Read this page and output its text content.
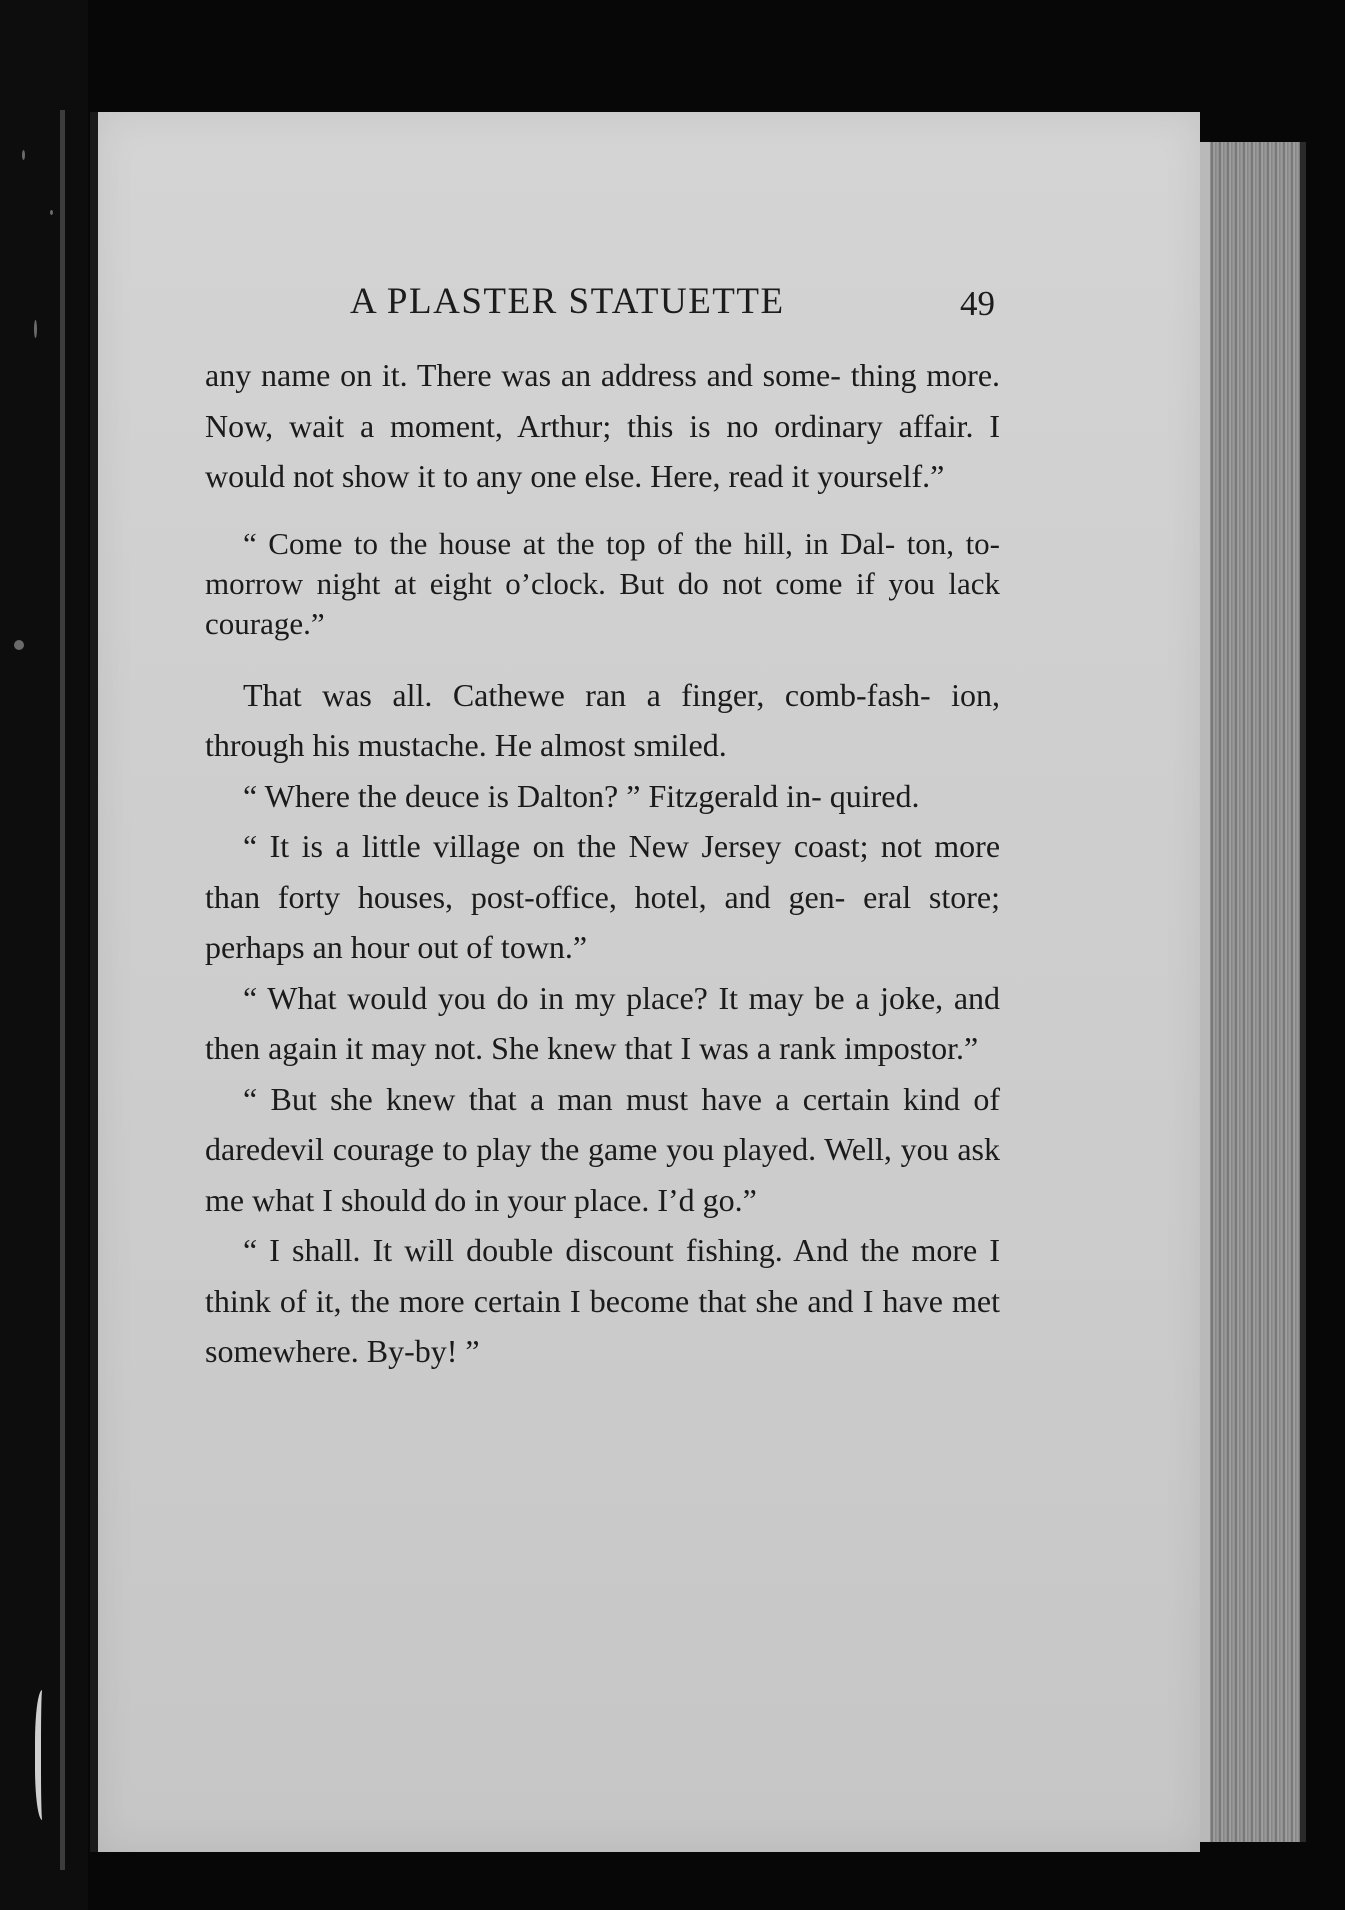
A PLASTER STATUETTE	49

any name on it. There was an address and some- thing more. Now, wait a moment, Arthur; this is no ordinary affair. I would not show it to any one else. Here, read it yourself.”

“ Come to the house at the top of the hill, in Dal- ton, to-morrow night at eight o’clock. But do not come if you lack courage.”

That was all. Cathewe ran a finger, comb-fash- ion, through his mustache. He almost smiled.

“ Where the deuce is Dalton? ” Fitzgerald in- quired.

“ It is a little village on the New Jersey coast; not more than forty houses, post-office, hotel, and gen- eral store; perhaps an hour out of town.”

“ What would you do in my place? It may be a joke, and then again it may not. She knew that I was a rank impostor.”

“ But she knew that a man must have a certain kind of daredevil courage to play the game you played. Well, you ask me what I should do in your place. I’d go.”

“ I shall. It will double discount fishing. And the more I think of it, the more certain I become that she and I have met somewhere. By-by! ”
